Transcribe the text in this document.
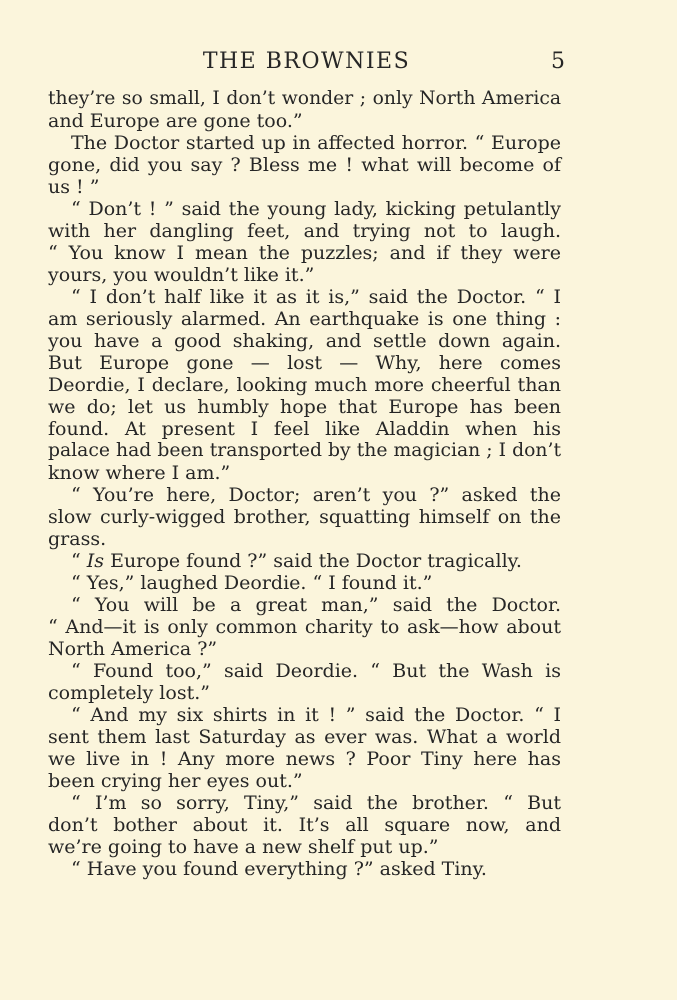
THE BROWNIES	5
they’re so small, I don’t wonder ; only North America
and Europe are gone too.”
The Doctor started up in affected horror. “ Europe
gone, did you say ? Bless me ! what will become of
us ! ”
“ Don’t ! ” said the young lady, kicking petulantly
with her dangling feet, and trying not to laugh.
“ You know I mean the puzzles; and if they were
yours, you wouldn’t like it.”
“ I don’t half like it as it is,” said the Doctor. “ I
am seriously alarmed. An earthquake is one thing :
you have a good shaking, and settle down again.
But Europe gone — lost — Why, here comes
Deordie, I declare, looking much more cheerful than
we do; let us humbly hope that Europe has been
found. At present I feel like Aladdin when his
palace had been transported by the magician ; I don’t
know where I am.”
“ You’re here, Doctor; aren’t you ?” asked the
slow curly-wigged brother, squatting himself on the
grass.
“ Is Europe found ?” said the Doctor tragically.
“ Yes,” laughed Deordie. “ I found it.”
“ You will be a great man,” said the Doctor.
“ And—it is only common charity to ask—how about
North America ?”
“ Found too,” said Deordie. “ But the Wash is
completely lost.”
“ And my six shirts in it ! ” said the Doctor. “ I
sent them last Saturday as ever was. What a world
we live in ! Any more news ? Poor Tiny here has
been crying her eyes out.”
“ I’m so sorry, Tiny,” said the brother. “ But
don’t bother about it. It’s all square now, and
we’re going to have a new shelf put up.”
“ Have you found everything ?” asked Tiny.
